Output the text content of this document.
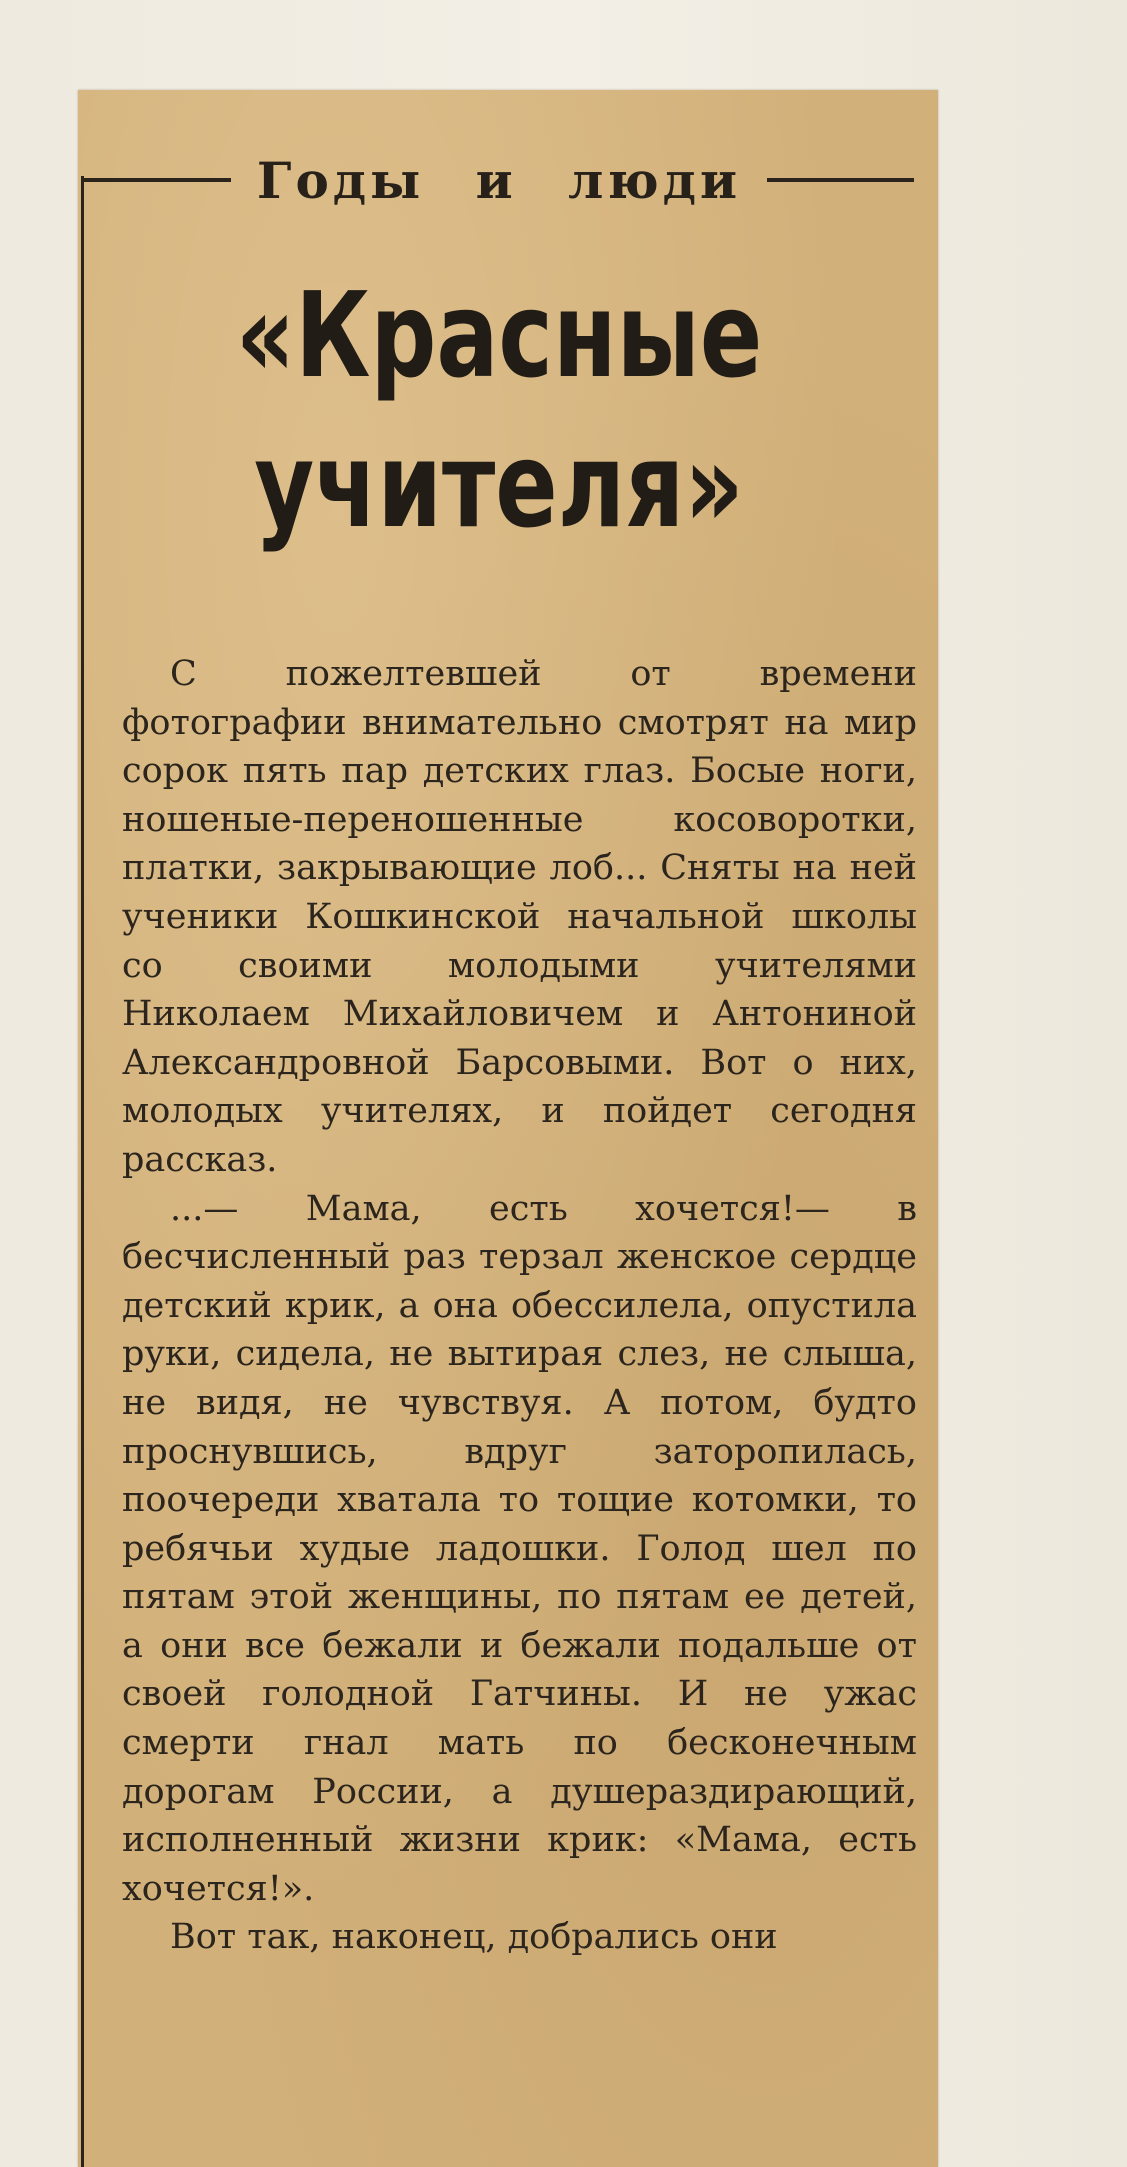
Годы и люди
«Красные
учителя»

С пожелтевшей от времени фотографии внимательно смотрят на мир сорок пять пар детских глаз. Босые ноги, ношеные-переношенные косоворотки, платки, закрывающие лоб... Сняты на ней ученики Кошкинской начальной школы со своими молодыми учителями Николаем Михайловичем и Антониной Александровной Барсовыми. Вот о них, молодых учителях, и пойдет сегодня рассказ.

...— Мама, есть хочется!— в бесчисленный раз терзал женское сердце детский крик, а она обессилела, опустила руки, сидела, не вытирая слез, не слыша, не видя, не чувствуя. А потом, будто проснувшись, вдруг заторопилась, поочереди хватала то тощие котомки, то ребячьи худые ладошки. Голод шел по пятам этой женщины, по пятам ее детей, а они все бежали и бежали подальше от своей голодной Гатчины. И не ужас смерти гнал мать по бесконечным дорогам России, а душераздирающий, исполненный жизни крик: «Мама, есть хочется!».

Вот так, наконец, добрались они
